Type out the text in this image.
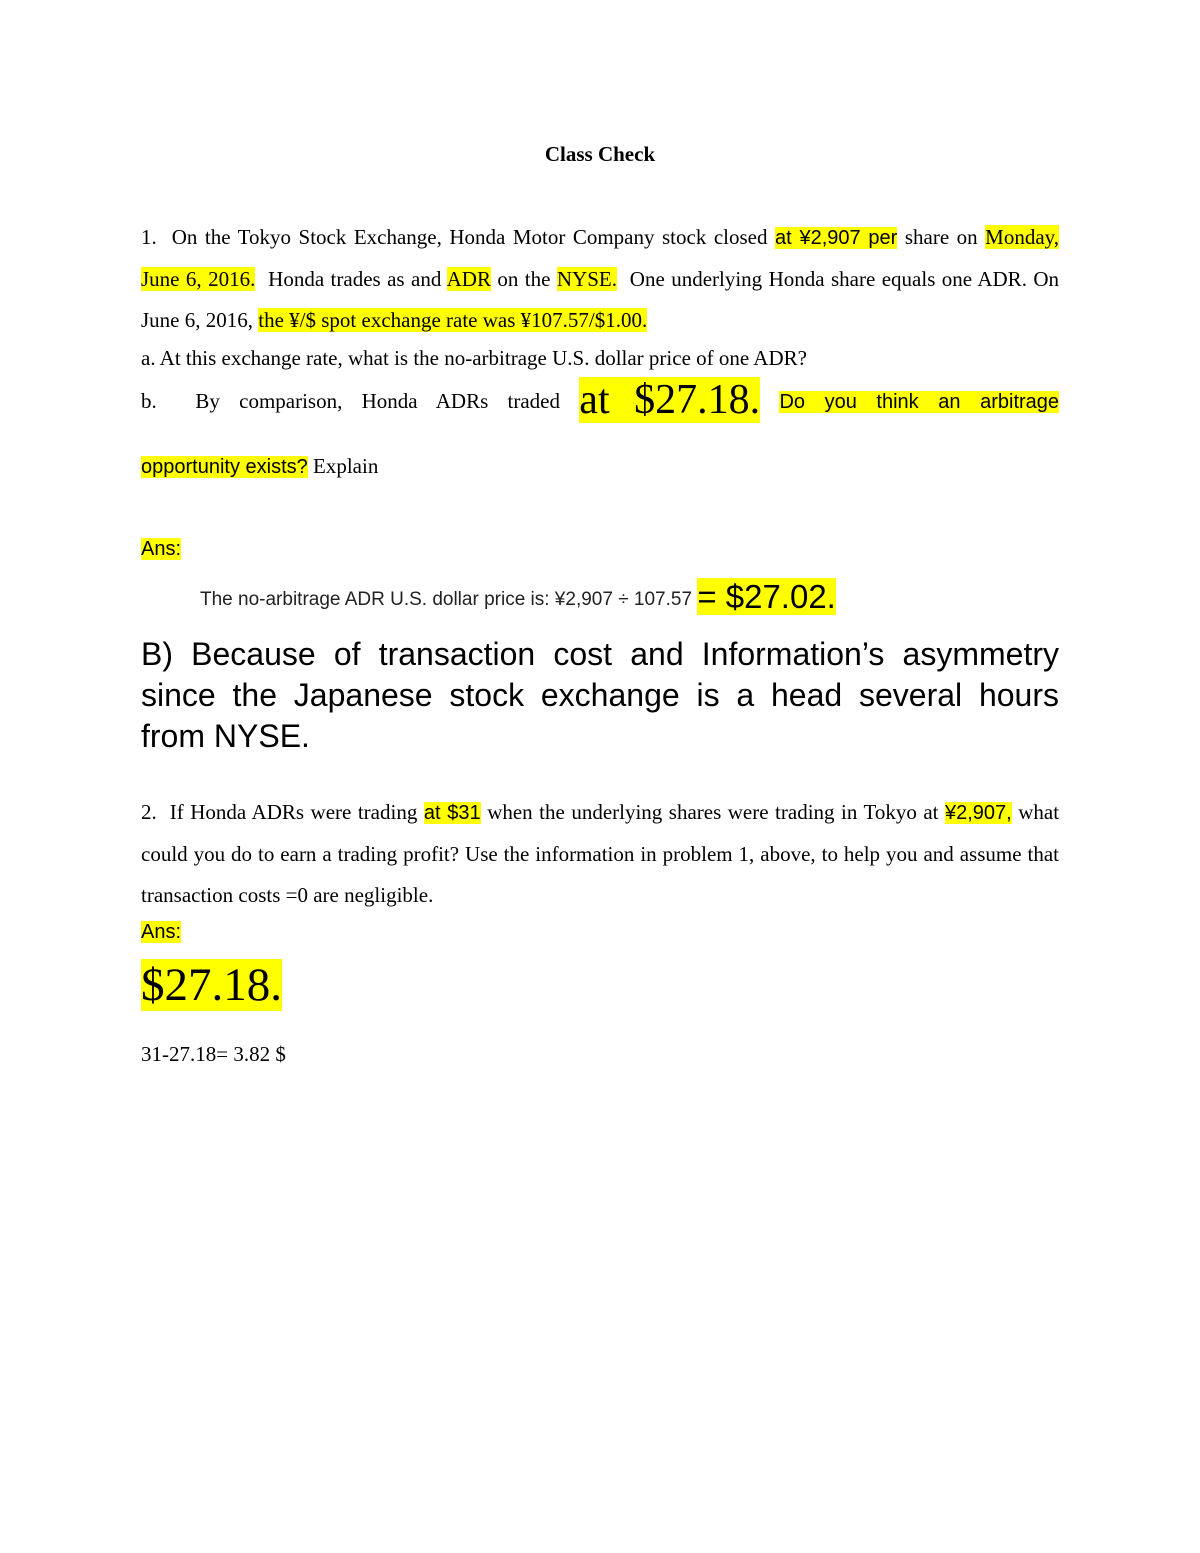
Class Check
1. On the Tokyo Stock Exchange, Honda Motor Company stock closed at ¥2,907 per share on Monday, June 6, 2016. Honda trades as and ADR on the NYSE. One underlying Honda share equals one ADR. On June 6, 2016, the ¥/$ spot exchange rate was ¥107.57/$1.00.
a. At this exchange rate, what is the no-arbitrage U.S. dollar price of one ADR?
b. By comparison, Honda ADRs traded at $27.18. Do you think an arbitrage
opportunity exists? Explain
Ans:
The no-arbitrage ADR U.S. dollar price is: ¥2,907 ÷ 107.57 = $27.02.
B) Because of transaction cost and Information’s asymmetry since the Japanese stock exchange is a head several hours from NYSE.
2. If Honda ADRs were trading at $31 when the underlying shares were trading in Tokyo at ¥2,907, what could you do to earn a trading profit? Use the information in problem 1, above, to help you and assume that transaction costs =0 are negligible.
Ans:
$27.18.
31-27.18= 3.82 $
